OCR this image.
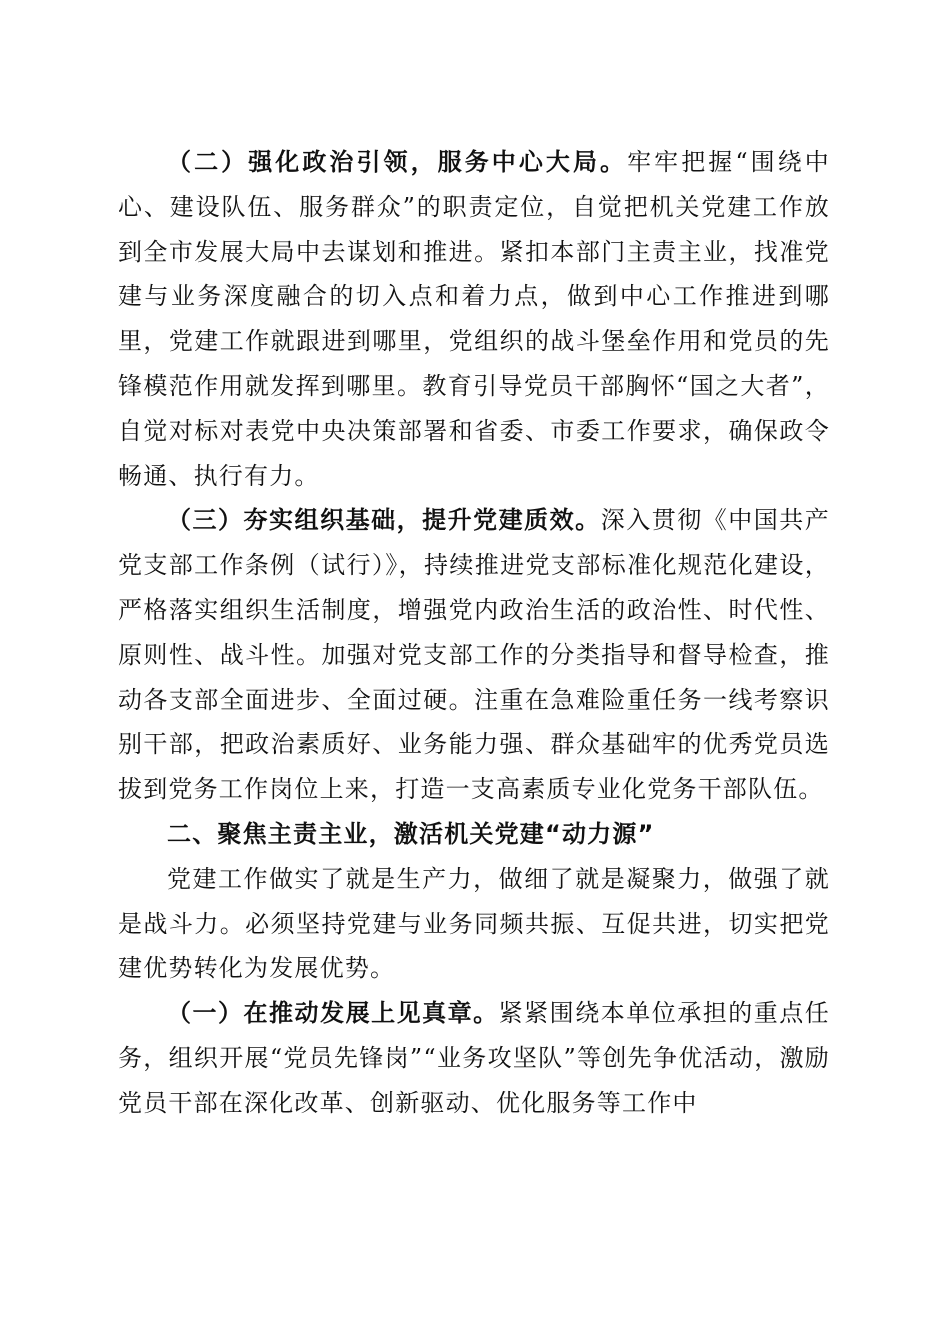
（二）强化政治引领，服务中心大局。牢牢把握“围绕中心、建设队伍、服务群众”的职责定位，自觉把机关党建工作放到全市发展大局中去谋划和推进。紧扣本部门主责主业，找准党建与业务深度融合的切入点和着力点，做到中心工作推进到哪里，党建工作就跟进到哪里，党组织的战斗堡垒作用和党员的先锋模范作用就发挥到哪里。教育引导党员干部胸怀“国之大者”，自觉对标对表党中央决策部署和省委、市委工作要求，确保政令畅通、执行有力。

（三）夯实组织基础，提升党建质效。深入贯彻《中国共产党支部工作条例（试行）》，持续推进党支部标准化规范化建设，严格落实组织生活制度，增强党内政治生活的政治性、时代性、原则性、战斗性。加强对党支部工作的分类指导和督导检查，推动各支部全面进步、全面过硬。注重在急难险重任务一线考察识别干部，把政治素质好、业务能力强、群众基础牢的优秀党员选拔到党务工作岗位上来，打造一支高素质专业化党务干部队伍。

二、聚焦主责主业，激活机关党建“动力源”

党建工作做实了就是生产力，做细了就是凝聚力，做强了就是战斗力。必须坚持党建与业务同频共振、互促共进，切实把党建优势转化为发展优势。

（一）在推动发展上见真章。紧紧围绕本单位承担的重点任务，组织开展“党员先锋岗”“业务攻坚队”等创先争优活动，激励党员干部在深化改革、创新驱动、优化服务等工作中
